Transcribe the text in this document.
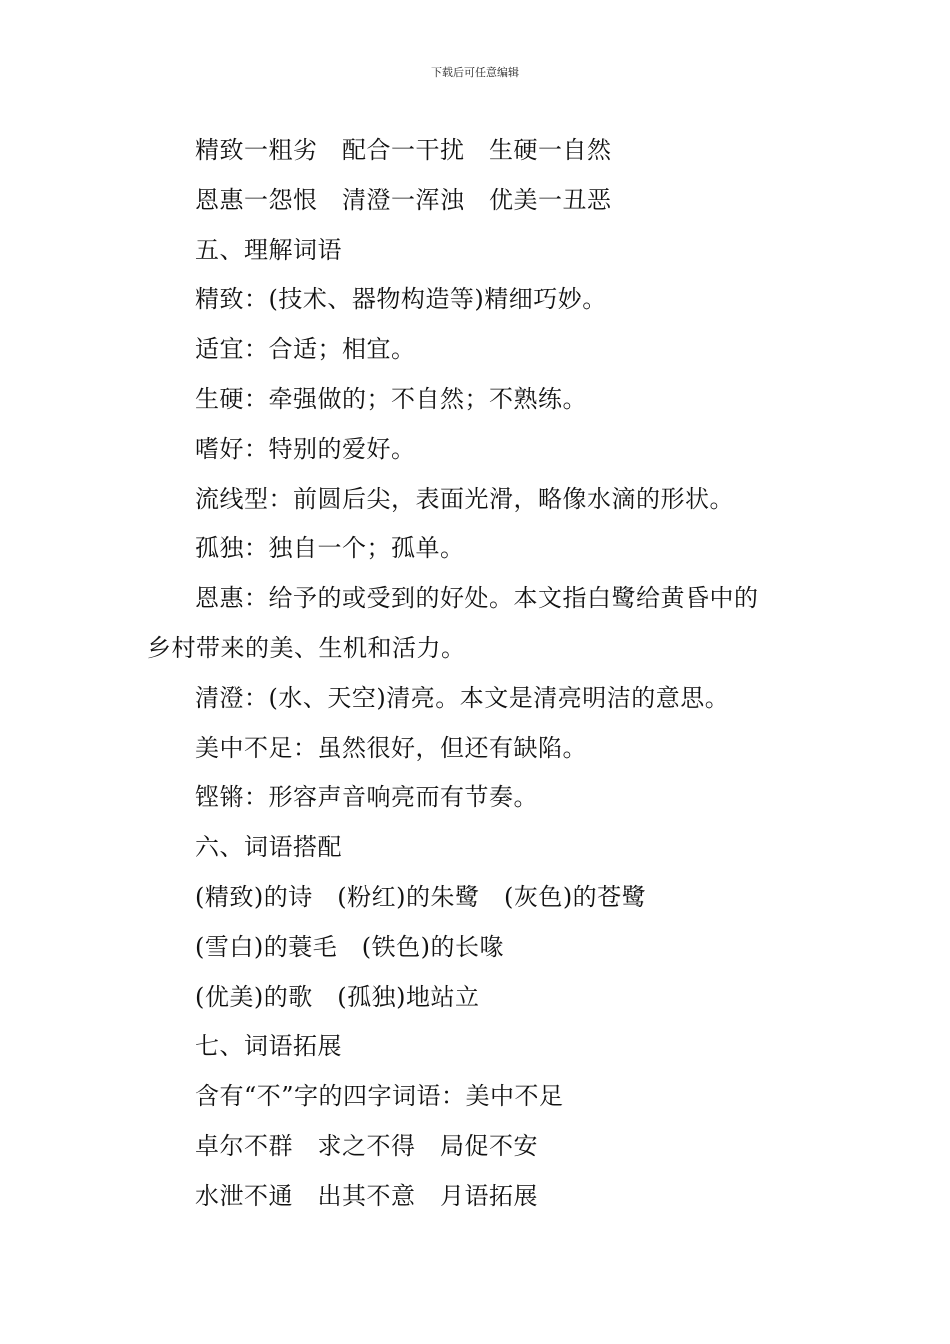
下载后可任意编辑
精致一粗劣　配合一干扰　生硬一自然
恩惠一怨恨　清澄一浑浊　优美一丑恶
五、理解词语
精致：(技术、器物构造等)精细巧妙。
适宜：合适；相宜。
生硬：牵强做的；不自然；不熟练。
嗜好：特别的爱好。
流线型：前圆后尖，表面光滑，略像水滴的形状。
孤独：独自一个；孤单。
恩惠：给予的或受到的好处。本文指白鹭给黄昏中的
乡村带来的美、生机和活力。
清澄：(水、天空)清亮。本文是清亮明洁的意思。
美中不足：虽然很好，但还有缺陷。
铿锵：形容声音响亮而有节奏。
六、词语搭配
(精致)的诗　(粉红)的朱鹭　(灰色)的苍鹭
(雪白)的蓑毛　(铁色)的长喙
(优美)的歌　(孤独)地站立
七、词语拓展
含有“不”字的四字词语：美中不足
卓尔不群　求之不得　局促不安
水泄不通　出其不意　月语拓展
